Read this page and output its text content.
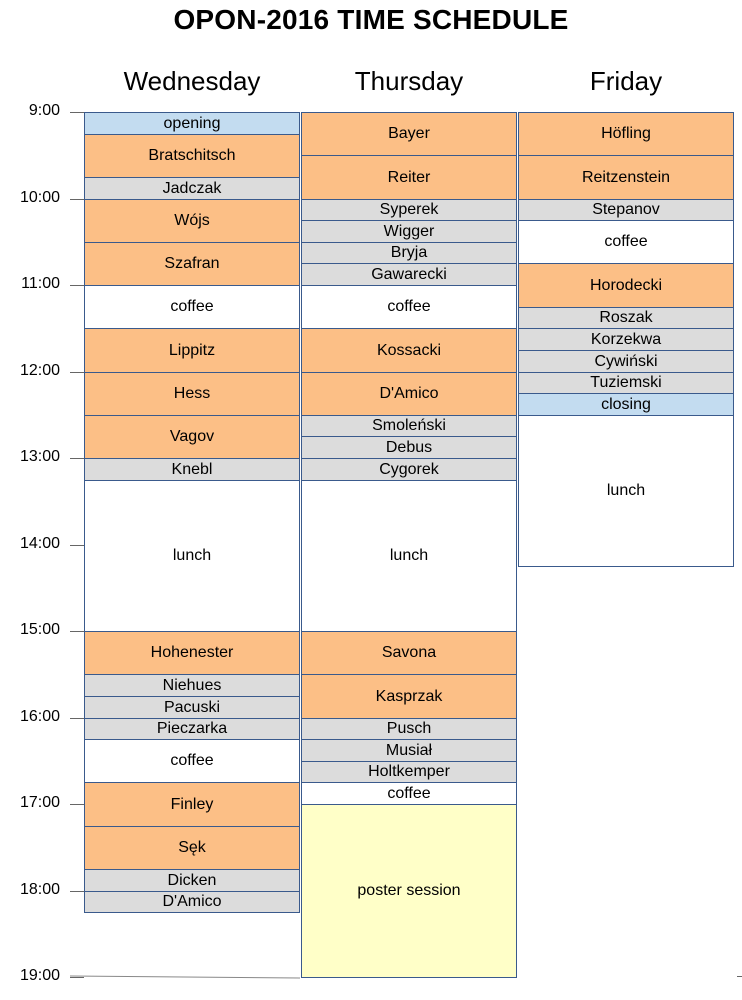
OPON-2016 TIME SCHEDULE
Wednesday	Thursday	Friday
9:00
10:00
11:00
12:00
13:00
14:00
15:00
16:00
17:00
18:00
19:00
opening
Bratschitsch
Jadczak
Wójs
Szafran
coffee
Lippitz
Hess
Vagov
Knebl
lunch
Hohenester
Niehues
Pacuski
Pieczarka
coffee
Finley
Sęk
Dicken
D'Amico
Bayer
Reiter
Syperek
Wigger
Bryja
Gawarecki
coffee
Kossacki
D'Amico
Smoleński
Debus
Cygorek
lunch
Savona
Kasprzak
Pusch
Musiał
Holtkemper
coffee
poster session
Höfling
Reitzenstein
Stepanov
coffee
Horodecki
Roszak
Korzekwa
Cywiński
Tuziemski
closing
lunch
